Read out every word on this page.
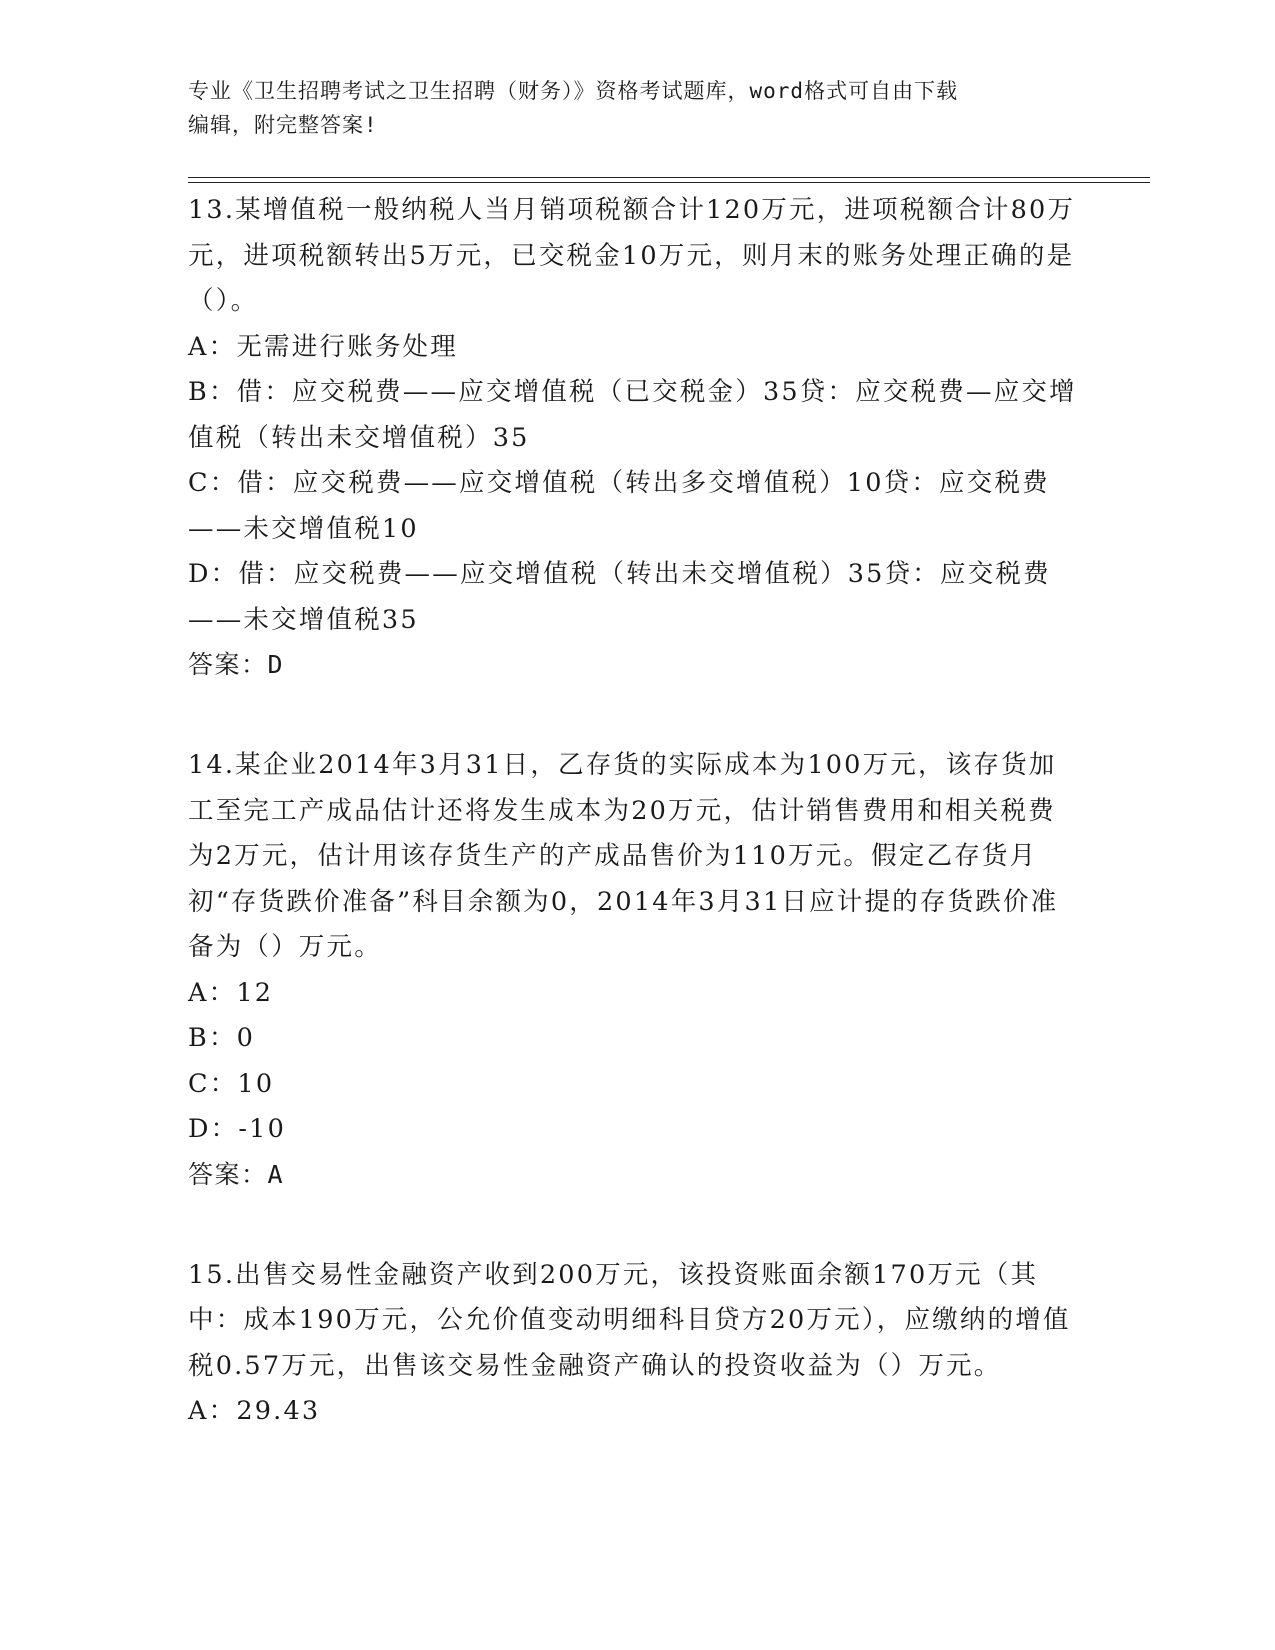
专业《卫生招聘考试之卫生招聘（财务）》资格考试题库，word格式可自由下载
编辑，附完整答案!

13.某增值税一般纳税人当月销项税额合计120万元，进项税额合计80万元，进项税额转出5万元，已交税金10万元，则月末的账务处理正确的是（）。

A：无需进行账务处理

B：借：应交税费——应交增值税（已交税金）35贷：应交税费—应交增值税（转出未交增值税）35

C：借：应交税费——应交增值税（转出多交增值税）10贷：应交税费——未交增值税10

D：借：应交税费——应交增值税（转出未交增值税）35贷：应交税费——未交增值税35

答案：D

14.某企业2014年3月31日，乙存货的实际成本为100万元，该存货加工至完工产成品估计还将发生成本为20万元，估计销售费用和相关税费为2万元，估计用该存货生产的产成品售价为110万元。假定乙存货月初“存货跌价准备”科目余额为0，2014年3月31日应计提的存货跌价准备为（）万元。

A：12

B：0

C：10

D：-10

答案：A

15.出售交易性金融资产收到200万元，该投资账面余额170万元（其中：成本190万元，公允价值变动明细科目贷方20万元），应缴纳的增值税0.57万元，出售该交易性金融资产确认的投资收益为（）万元。

A：29.43
